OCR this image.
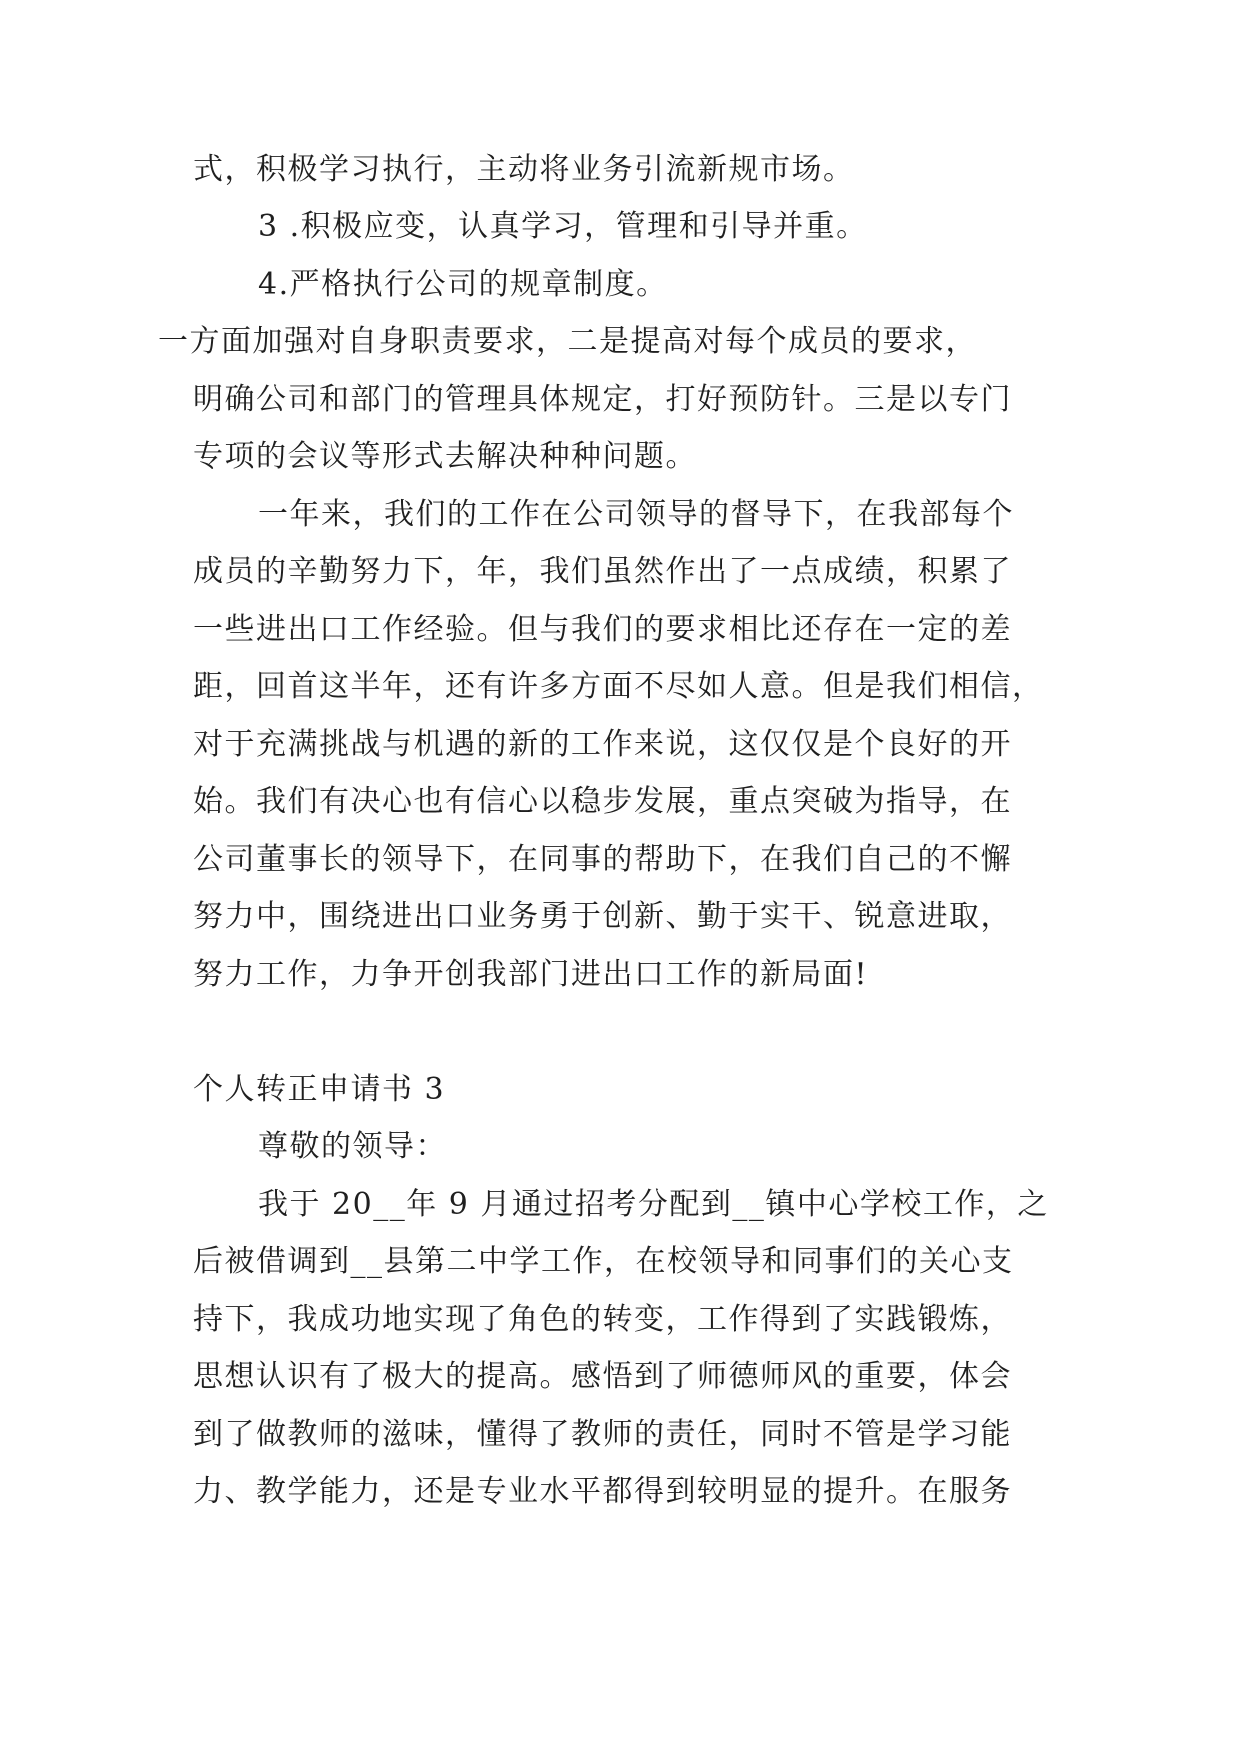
式，积极学习执行，主动将业务引流新规市场。
3 .积极应变，认真学习，管理和引导并重。
4.严格执行公司的规章制度。
一方面加强对自身职责要求，二是提高对每个成员的要求，
明确公司和部门的管理具体规定，打好预防针。三是以专门
专项的会议等形式去解决种种问题。
一年来，我们的工作在公司领导的督导下，在我部每个
成员的辛勤努力下，年，我们虽然作出了一点成绩，积累了
一些进出口工作经验。但与我们的要求相比还存在一定的差
距，回首这半年，还有许多方面不尽如人意。但是我们相信，
对于充满挑战与机遇的新的工作来说，这仅仅是个良好的开
始。我们有决心也有信心以稳步发展，重点突破为指导，在
公司董事长的领导下，在同事的帮助下，在我们自己的不懈
努力中，围绕进出口业务勇于创新、勤于实干、锐意进取，
努力工作，力争开创我部门进出口工作的新局面!
个人转正申请书 3
尊敬的领导：
我于 20__年 9 月通过招考分配到__镇中心学校工作，之
后被借调到__县第二中学工作，在校领导和同事们的关心支
持下，我成功地实现了角色的转变，工作得到了实践锻炼，
思想认识有了极大的提高。感悟到了师德师风的重要，体会
到了做教师的滋味，懂得了教师的责任，同时不管是学习能
力、教学能力，还是专业水平都得到较明显的提升。在服务
